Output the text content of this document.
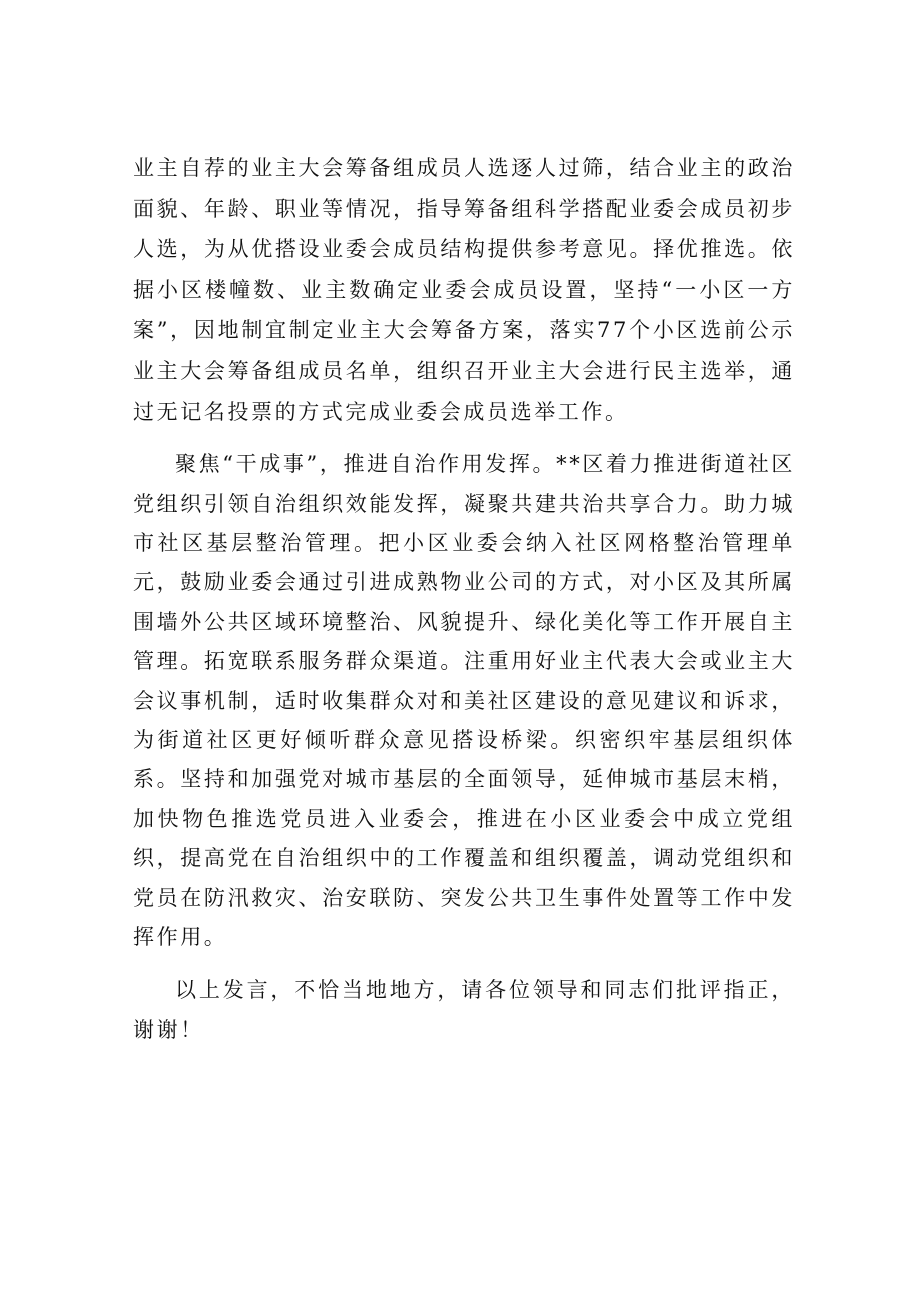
业主自荐的业主大会筹备组成员人选逐人过筛，结合业主的政治面貌、年龄、职业等情况，指导筹备组科学搭配业委会成员初步人选，为从优搭设业委会成员结构提供参考意见。择优推选。依据小区楼幢数、业主数确定业委会成员设置，坚持“一小区一方案”，因地制宜制定业主大会筹备方案，落实77个小区选前公示业主大会筹备组成员名单，组织召开业主大会进行民主选举，通过无记名投票的方式完成业委会成员选举工作。

聚焦“干成事”，推进自治作用发挥。**区着力推进街道社区党组织引领自治组织效能发挥，凝聚共建共治共享合力。助力城市社区基层整治管理。把小区业委会纳入社区网格整治管理单元，鼓励业委会通过引进成熟物业公司的方式，对小区及其所属围墙外公共区域环境整治、风貌提升、绿化美化等工作开展自主管理。拓宽联系服务群众渠道。注重用好业主代表大会或业主大会议事机制，适时收集群众对和美社区建设的意见建议和诉求，为街道社区更好倾听群众意见搭设桥梁。织密织牢基层组织体系。坚持和加强党对城市基层的全面领导，延伸城市基层末梢，加快物色推选党员进入业委会，推进在小区业委会中成立党组织，提高党在自治组织中的工作覆盖和组织覆盖，调动党组织和党员在防汛救灾、治安联防、突发公共卫生事件处置等工作中发挥作用。

以上发言，不恰当地地方，请各位领导和同志们批评指正，谢谢！
